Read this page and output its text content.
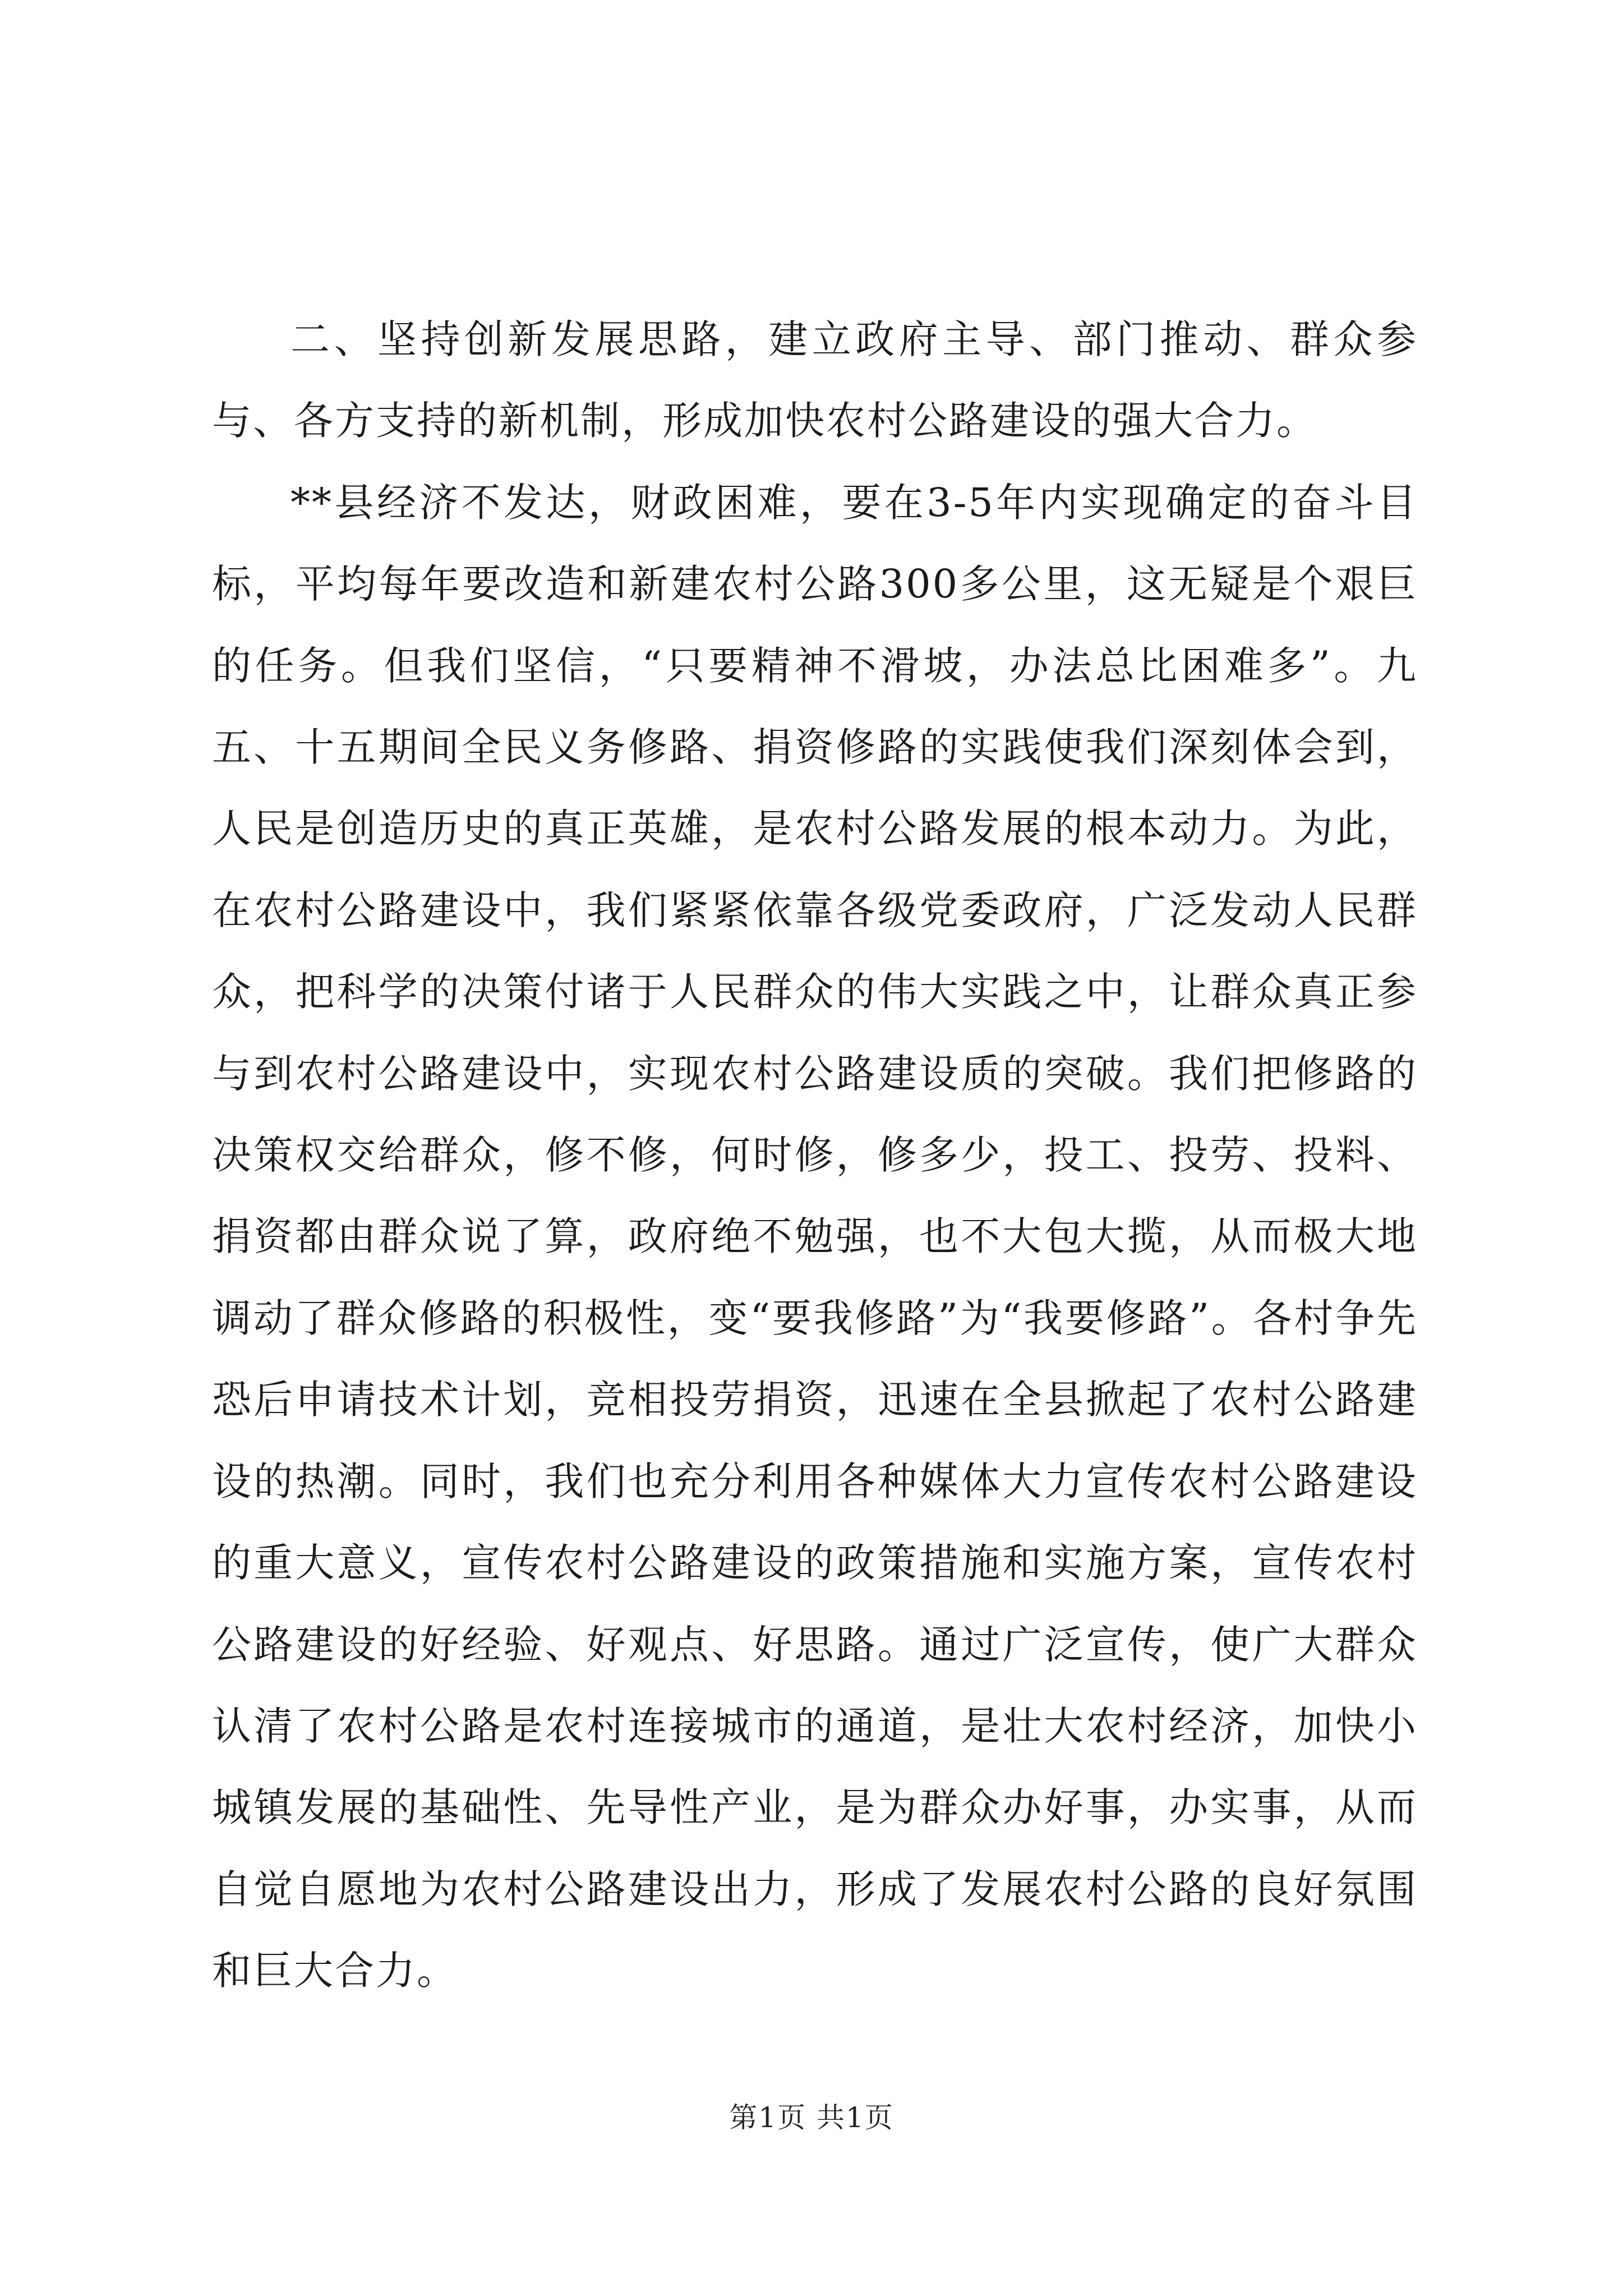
二、坚持创新发展思路，建立政府主导、部门推动、群众参与、各方支持的新机制，形成加快农村公路建设的强大合力。

**县经济不发达，财政困难，要在3-5年内实现确定的奋斗目标，平均每年要改造和新建农村公路300多公里，这无疑是个艰巨的任务。但我们坚信，“只要精神不滑坡，办法总比困难多”。九五、十五期间全民义务修路、捐资修路的实践使我们深刻体会到，人民是创造历史的真正英雄，是农村公路发展的根本动力。为此，在农村公路建设中，我们紧紧依靠各级党委政府，广泛发动人民群众，把科学的决策付诸于人民群众的伟大实践之中，让群众真正参与到农村公路建设中，实现农村公路建设质的突破。我们把修路的决策权交给群众，修不修，何时修，修多少，投工、投劳、投料、捐资都由群众说了算，政府绝不勉强，也不大包大揽，从而极大地调动了群众修路的积极性，变“要我修路”为“我要修路”。各村争先恐后申请技术计划，竞相投劳捐资，迅速在全县掀起了农村公路建设的热潮。同时，我们也充分利用各种媒体大力宣传农村公路建设的重大意义，宣传农村公路建设的政策措施和实施方案，宣传农村公路建设的好经验、好观点、好思路。通过广泛宣传，使广大群众认清了农村公路是农村连接城市的通道，是壮大农村经济，加快小城镇发展的基础性、先导性产业，是为群众办好事，办实事，从而自觉自愿地为农村公路建设出力，形成了发展农村公路的良好氛围和巨大合力。

第1页 共1页
